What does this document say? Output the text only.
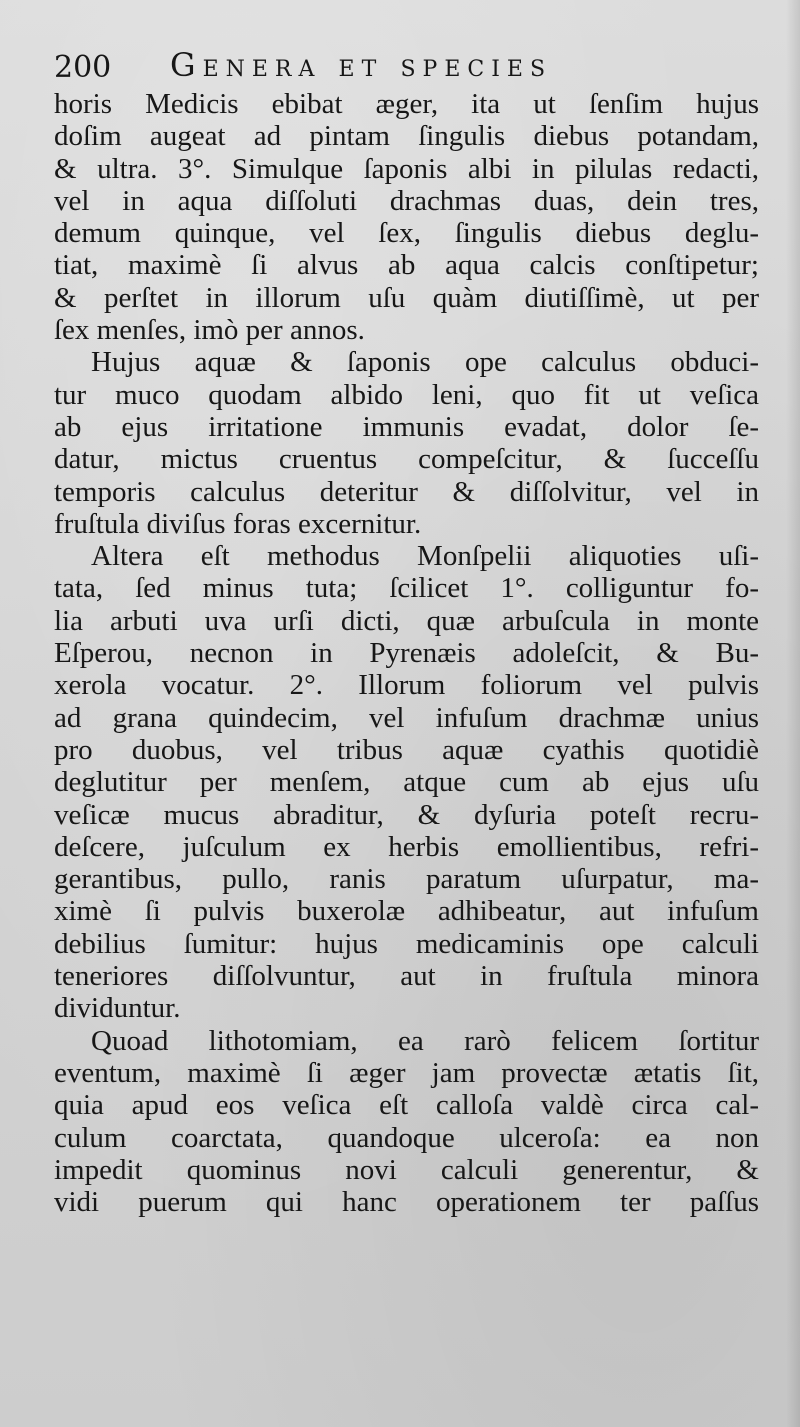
200 Genera et species
horis Medicis ebibat æger, ita ut ſenſim hujus
doſim augeat ad pintam ſingulis diebus potandam,
& ultra. 3°. Simulque ſaponis albi in pilulas redacti,
vel in aqua diſſoluti drachmas duas, dein tres,
demum quinque, vel ſex, ſingulis diebus deglu-
tiat, maximè ſi alvus ab aqua calcis conſtipetur;
& perſtet in illorum uſu quàm diutiſſimè, ut per
ſex menſes, imò per annos.
Hujus aquæ & ſaponis ope calculus obduci-
tur muco quodam albido leni, quo fit ut veſica
ab ejus irritatione immunis evadat, dolor ſe-
datur, mictus cruentus compeſcitur, & ſucceſſu
temporis calculus deteritur & diſſolvitur, vel in
fruſtula diviſus foras excernitur.
Altera eſt methodus Monſpelii aliquoties uſi-
tata, ſed minus tuta; ſcilicet 1°. colliguntur fo-
lia arbuti uva urſi dicti, quæ arbuſcula in monte
Eſperou, necnon in Pyrenæis adoleſcit, & Bu-
xerola vocatur. 2°. Illorum foliorum vel pulvis
ad grana quindecim, vel infuſum drachmæ unius
pro duobus, vel tribus aquæ cyathis quotidiè
deglutitur per menſem, atque cum ab ejus uſu
veſicæ mucus abraditur, & dyſuria poteſt recru-
deſcere, juſculum ex herbis emollientibus, refri-
gerantibus, pullo, ranis paratum uſurpatur, ma-
ximè ſi pulvis buxerolæ adhibeatur, aut infuſum
debilius ſumitur: hujus medicaminis ope calculi
teneriores diſſolvuntur, aut in fruſtula minora
dividuntur.
Quoad lithotomiam, ea rarò felicem ſortitur
eventum, maximè ſi æger jam provectæ ætatis ſit,
quia apud eos veſica eſt calloſa valdè circa cal-
culum coarctata, quandoque ulceroſa: ea non
impedit quominus novi calculi generentur, &
vidi puerum qui hanc operationem ter paſſus
